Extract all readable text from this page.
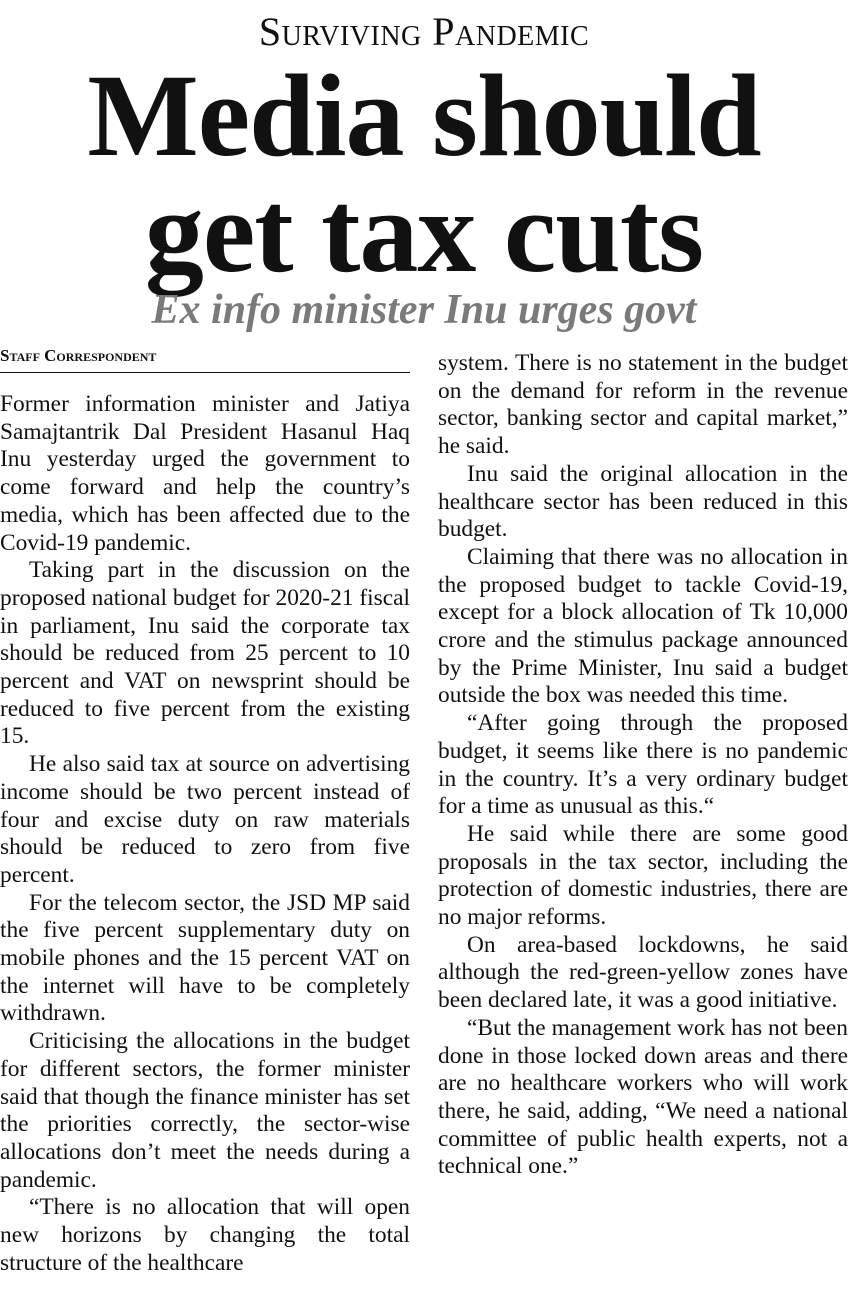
Surviving Pandemic
Media should
get tax cuts
Ex info minister Inu urges govt
Staff Correspondent

Former information minister and Jatiya Samajtantrik Dal President Hasanul Haq Inu yesterday urged the government to come forward and help the country’s media, which has been affected due to the Covid-19 pandemic.

Taking part in the discussion on the proposed national budget for 2020-21 fiscal in parliament, Inu said the corporate tax should be reduced from 25 percent to 10 percent and VAT on newsprint should be reduced to five percent from the existing 15.

He also said tax at source on advertising income should be two percent instead of four and excise duty on raw materials should be reduced to zero from five percent.

For the telecom sector, the JSD MP said the five percent supplementary duty on mobile phones and the 15 percent VAT on the internet will have to be completely withdrawn.

Criticising the allocations in the budget for different sectors, the former minister said that though the finance minister has set the priorities correctly, the sector-wise allocations don’t meet the needs during a pandemic.

“There is no allocation that will open new horizons by changing the total structure of the healthcare

system. There is no statement in the budget on the demand for reform in the revenue sector, banking sector and capital market,” he said.

Inu said the original allocation in the healthcare sector has been reduced in this budget.

Claiming that there was no allocation in the proposed budget to tackle Covid-19, except for a block allocation of Tk 10,000 crore and the stimulus package announced by the Prime Minister, Inu said a budget outside the box was needed this time.

“After going through the proposed budget, it seems like there is no pandemic in the country. It’s a very ordinary budget for a time as unusual as this.“

He said while there are some good proposals in the tax sector, including the protection of domestic industries, there are no major reforms.

On area-based lockdowns, he said although the red-green-yellow zones have been declared late, it was a good initiative.

“But the management work has not been done in those locked down areas and there are no healthcare workers who will work there, he said, adding, “We need a national committee of public health experts, not a technical one.”
